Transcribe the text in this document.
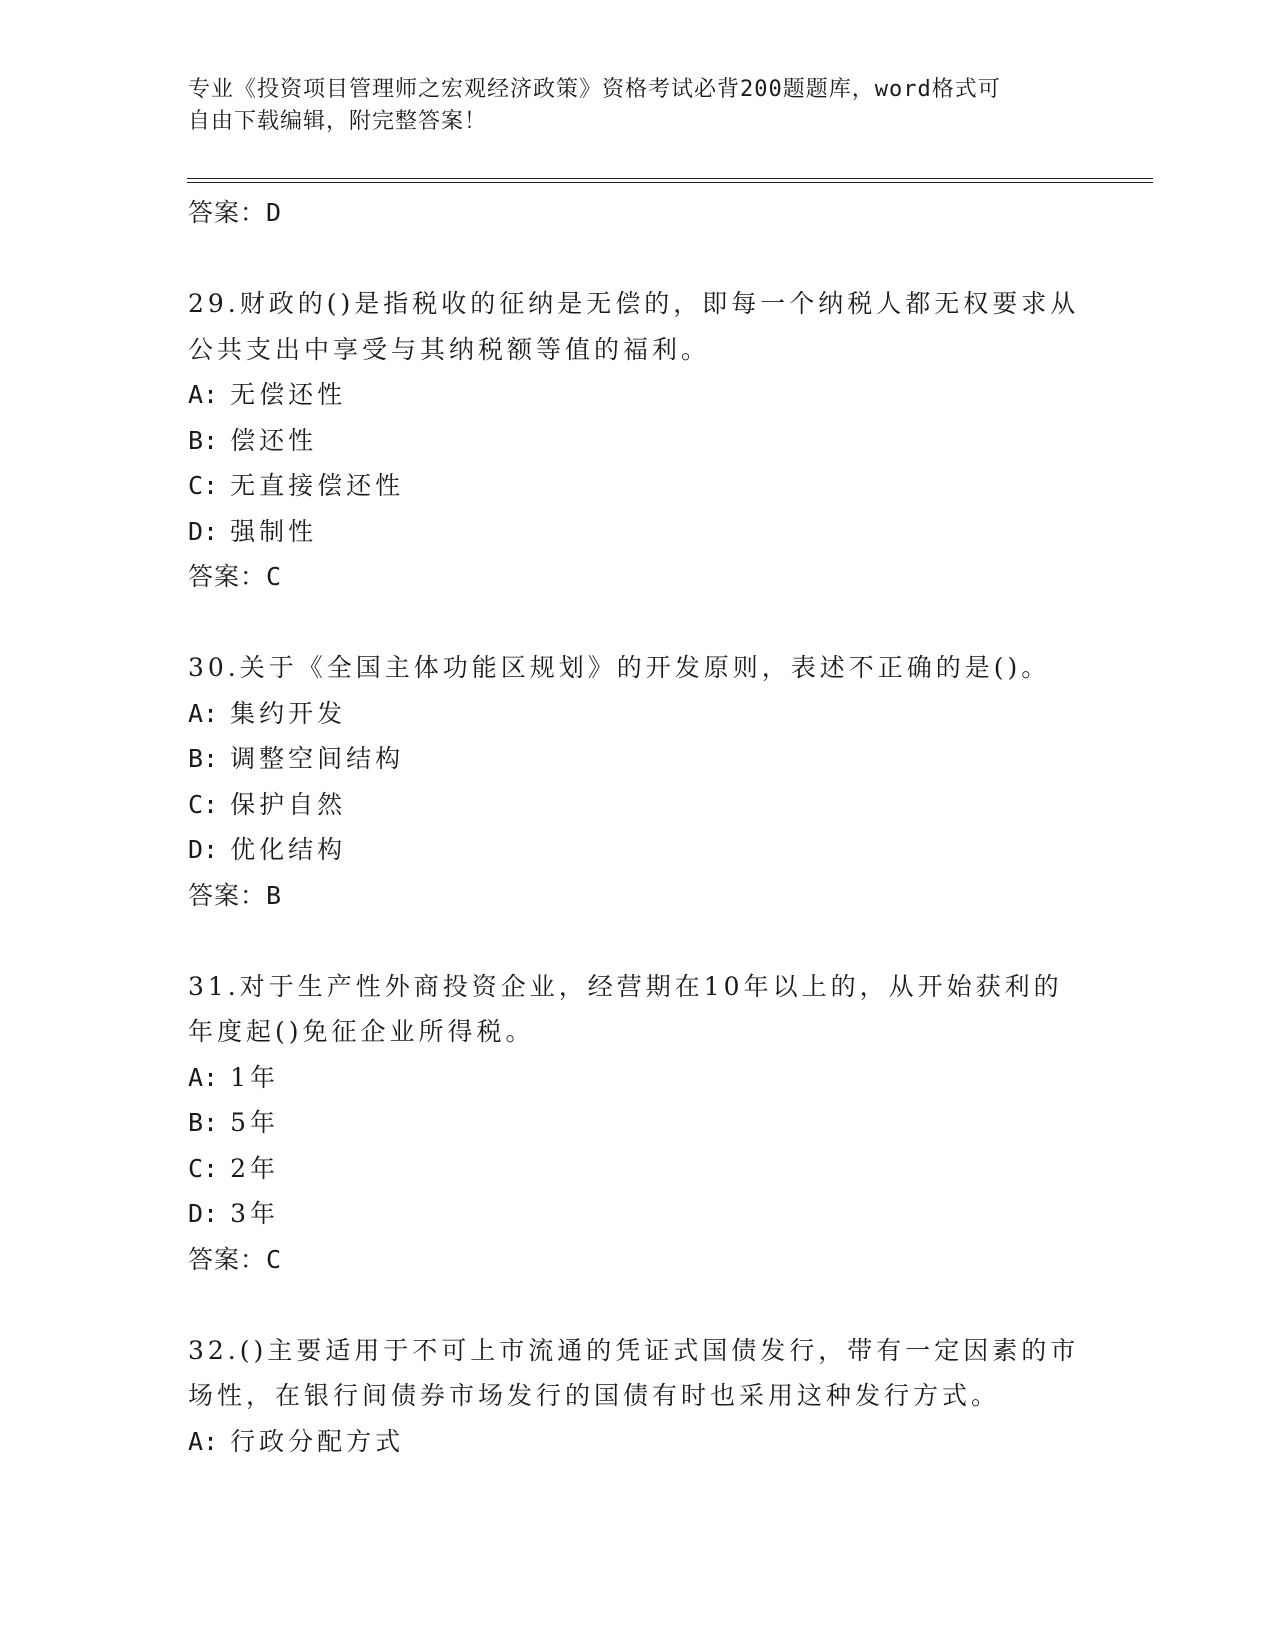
专业《投资项目管理师之宏观经济政策》资格考试必背200题题库，word格式可
自由下载编辑，附完整答案！
答案：D
29.财政的()是指税收的征纳是无偿的，即每一个纳税人都无权要求从
公共支出中享受与其纳税额等值的福利。
A: 无偿还性
B: 偿还性
C: 无直接偿还性
D: 强制性
答案：C
30.关于《全国主体功能区规划》的开发原则，表述不正确的是()。
A: 集约开发
B: 调整空间结构
C: 保护自然
D: 优化结构
答案：B
31.对于生产性外商投资企业，经营期在10年以上的，从开始获利的
年度起()免征企业所得税。
A: 1年
B: 5年
C: 2年
D: 3年
答案：C
32.()主要适用于不可上市流通的凭证式国债发行，带有一定因素的市
场性，在银行间债券市场发行的国债有时也采用这种发行方式。
A: 行政分配方式
